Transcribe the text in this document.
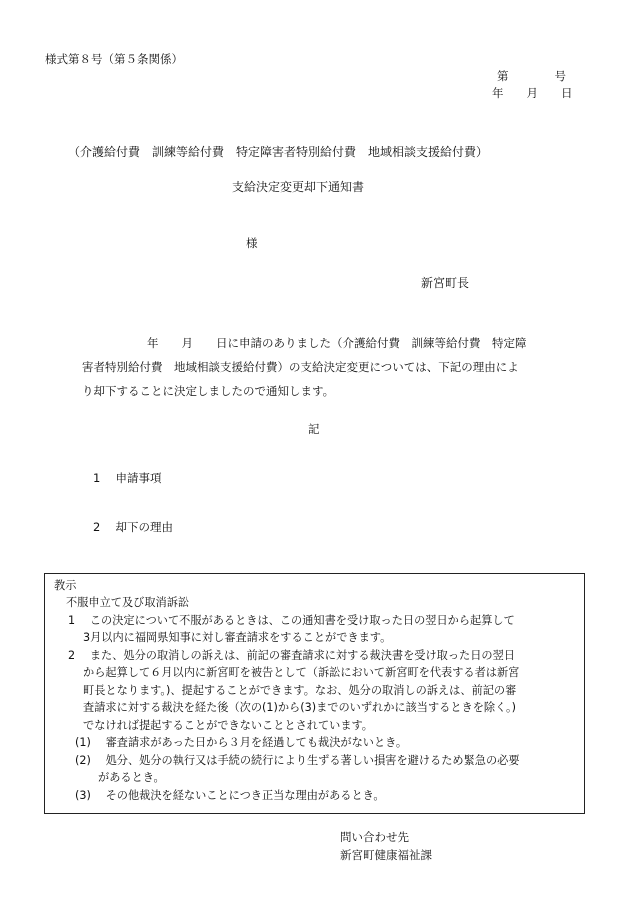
様式第８号（第５条関係）
第　　　　号
年　　月　　日
（介護給付費　訓練等給付費　特定障害者特別給付費　地域相談支援給付費）
支給決定変更却下通知書
様
新宮町長
年　　月　　日に申請のありました（介護給付費　訓練等給付費　特定障
害者特別給付費　地域相談支援給付費）の支給決定変更については、下記の理由によ
り却下することに決定しましたので通知します。
記
1　 申請事項
2　 却下の理由
教示
不服申立て及び取消訴訟
1　 この決定について不服があるときは、この通知書を受け取った日の翌日から起算して
3月以内に福岡県知事に対し審査請求をすることができます。
2　 また、処分の取消しの訴えは、前記の審査請求に対する裁決書を受け取った日の翌日
から起算して６月以内に新宮町を被告として（訴訟において新宮町を代表する者は新宮
町長となります。)、提起することができます。なお、処分の取消しの訴えは、前記の審
査請求に対する裁決を経た後（次の(1)から(3)までのいずれかに該当するときを除く。)
でなければ提起することができないこととされています。
(1)　 審査請求があった日から３月を経過しても裁決がないとき。
(2)　 処分、処分の執行又は手続の続行により生ずる著しい損害を避けるため緊急の必要
があるとき。
(3)　 その他裁決を経ないことにつき正当な理由があるとき。
問い合わせ先
新宮町健康福祉課
